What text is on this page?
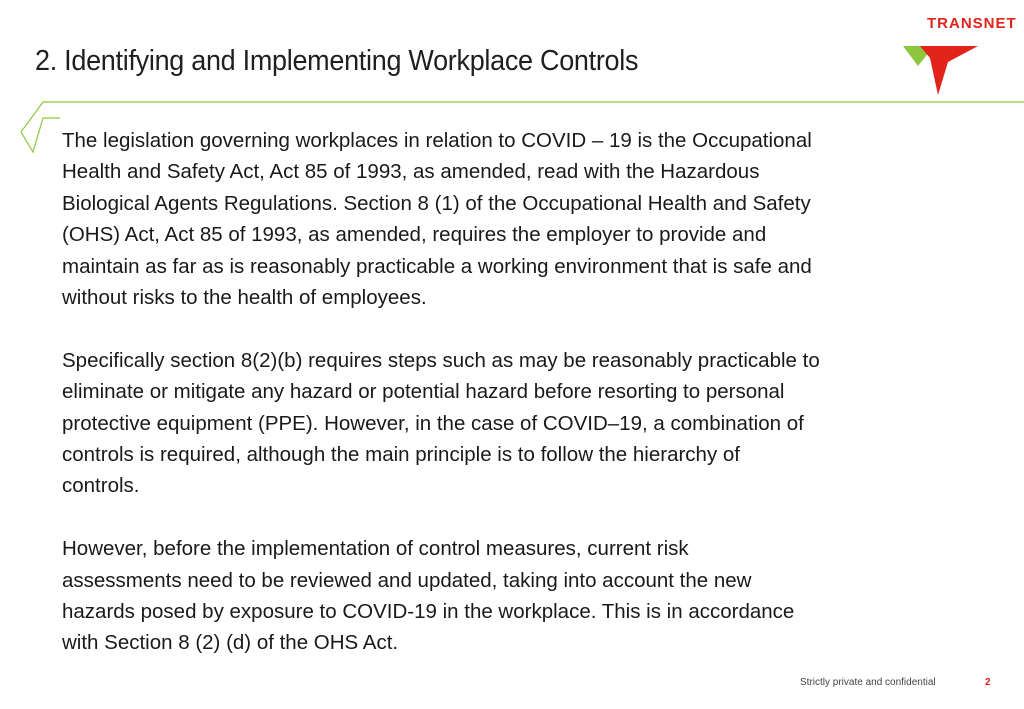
2. Identifying and Implementing Workplace Controls
TRANSNET

The legislation governing workplaces in relation to COVID – 19 is the Occupational
Health and Safety Act, Act 85 of 1993, as amended, read with the Hazardous
Biological Agents Regulations. Section 8 (1) of the Occupational Health and Safety
(OHS) Act, Act 85 of 1993, as amended, requires the employer to provide and
maintain as far as is reasonably practicable a working environment that is safe and
without risks to the health of employees.

Specifically section 8(2)(b) requires steps such as may be reasonably practicable to
eliminate or mitigate any hazard or potential hazard before resorting to personal
protective equipment (PPE). However, in the case of COVID–19, a combination of
controls is required, although the main principle is to follow the hierarchy of
controls.

However, before the implementation of control measures, current risk
assessments need to be reviewed and updated, taking into account the new
hazards posed by exposure to COVID-19 in the workplace. This is in accordance
with Section 8 (2) (d) of the OHS Act.

Strictly private and confidential	2
